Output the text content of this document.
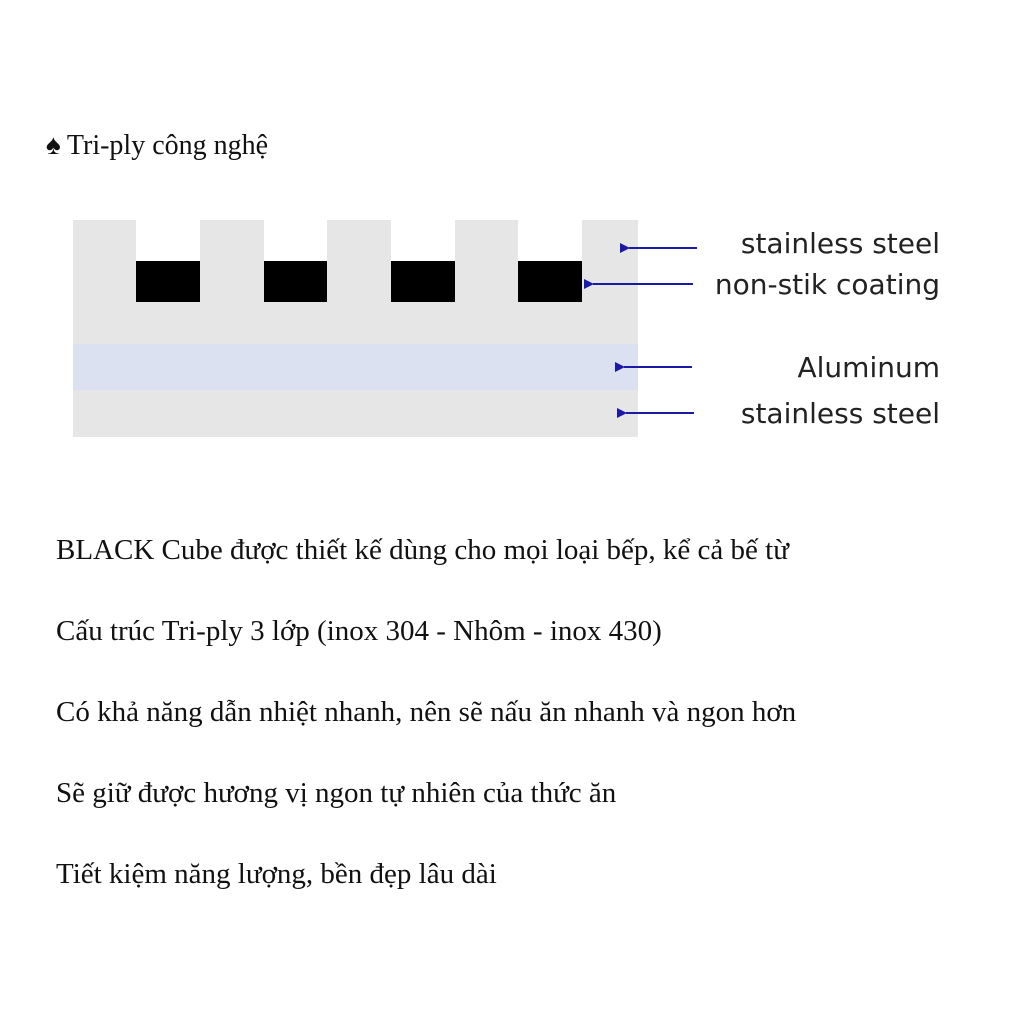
♠ Tri-ply công nghệ
stainless steel
non-stik coating
Aluminum
stainless steel
BLACK Cube được thiết kế dùng cho mọi loại bếp, kể cả bế từ
Cấu trúc Tri-ply 3 lớp (inox 304 - Nhôm - inox 430)
Có khả năng dẫn nhiệt nhanh, nên sẽ nấu ăn nhanh và ngon hơn
Sẽ giữ được hương vị ngon tự nhiên của thức ăn
Tiết kiệm năng lượng, bền đẹp lâu dài
